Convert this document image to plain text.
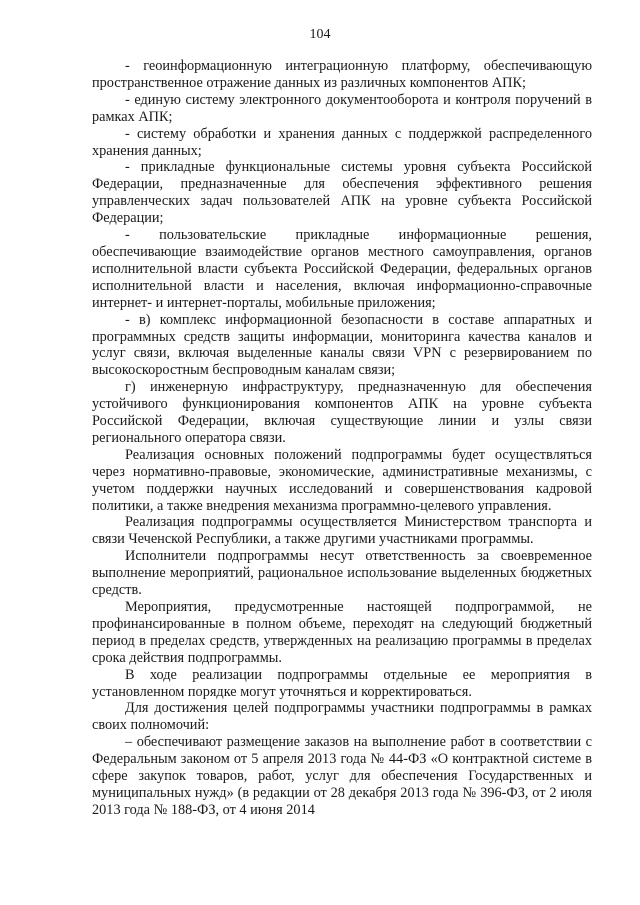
104

- геоинформационную интеграционную платформу, обеспечивающую пространственное отражение данных из различных компонентов АПК;

- единую систему электронного документооборота и контроля поручений в рамках АПК;

- систему обработки и хранения данных с поддержкой распределенного хранения данных;

- прикладные функциональные системы уровня субъекта Российской Федерации, предназначенные для обеспечения эффективного решения управленческих задач пользователей АПК на уровне субъекта Российской Федерации;

- пользовательские прикладные информационные решения, обеспечивающие взаимодействие органов местного самоуправления, органов исполнительной власти субъекта Российской Федерации, федеральных органов исполнительной власти и населения, включая информационно-справочные интернет- и интернет-порталы, мобильные приложения;

- в) комплекс информационной безопасности в составе аппаратных и программных средств защиты информации, мониторинга качества каналов и услуг связи, включая выделенные каналы связи VPN с резервированием по высокоскоростным беспроводным каналам связи;

г) инженерную инфраструктуру, предназначенную для обеспечения устойчивого функционирования компонентов АПК на уровне субъекта Российской Федерации, включая существующие линии и узлы связи регионального оператора связи.

Реализация основных положений подпрограммы будет осуществляться через нормативно-правовые, экономические, административные механизмы, с учетом поддержки научных исследований и совершенствования кадровой политики, а также внедрения механизма программно-целевого управления.

Реализация подпрограммы осуществляется Министерством транспорта и связи Чеченской Республики, а также другими участниками программы.

Исполнители подпрограммы несут ответственность за своевременное выполнение мероприятий, рациональное использование выделенных бюджетных средств.

Мероприятия, предусмотренные настоящей подпрограммой, не профинансированные в полном объеме, переходят на следующий бюджетный период в пределах средств, утвержденных на реализацию программы в пределах срока действия подпрограммы.

В ходе реализации подпрограммы отдельные ее мероприятия в установленном порядке могут уточняться и корректироваться.

Для достижения целей подпрограммы участники подпрограммы в рамках своих полномочий:

– обеспечивают размещение заказов на выполнение работ в соответствии с Федеральным законом от 5 апреля 2013 года № 44-ФЗ «О контрактной системе в сфере закупок товаров, работ, услуг для обеспечения Государственных и муниципальных нужд» (в редакции от 28 декабря 2013 года № 396-ФЗ, от 2 июля 2013 года № 188-ФЗ, от 4 июня 2014
